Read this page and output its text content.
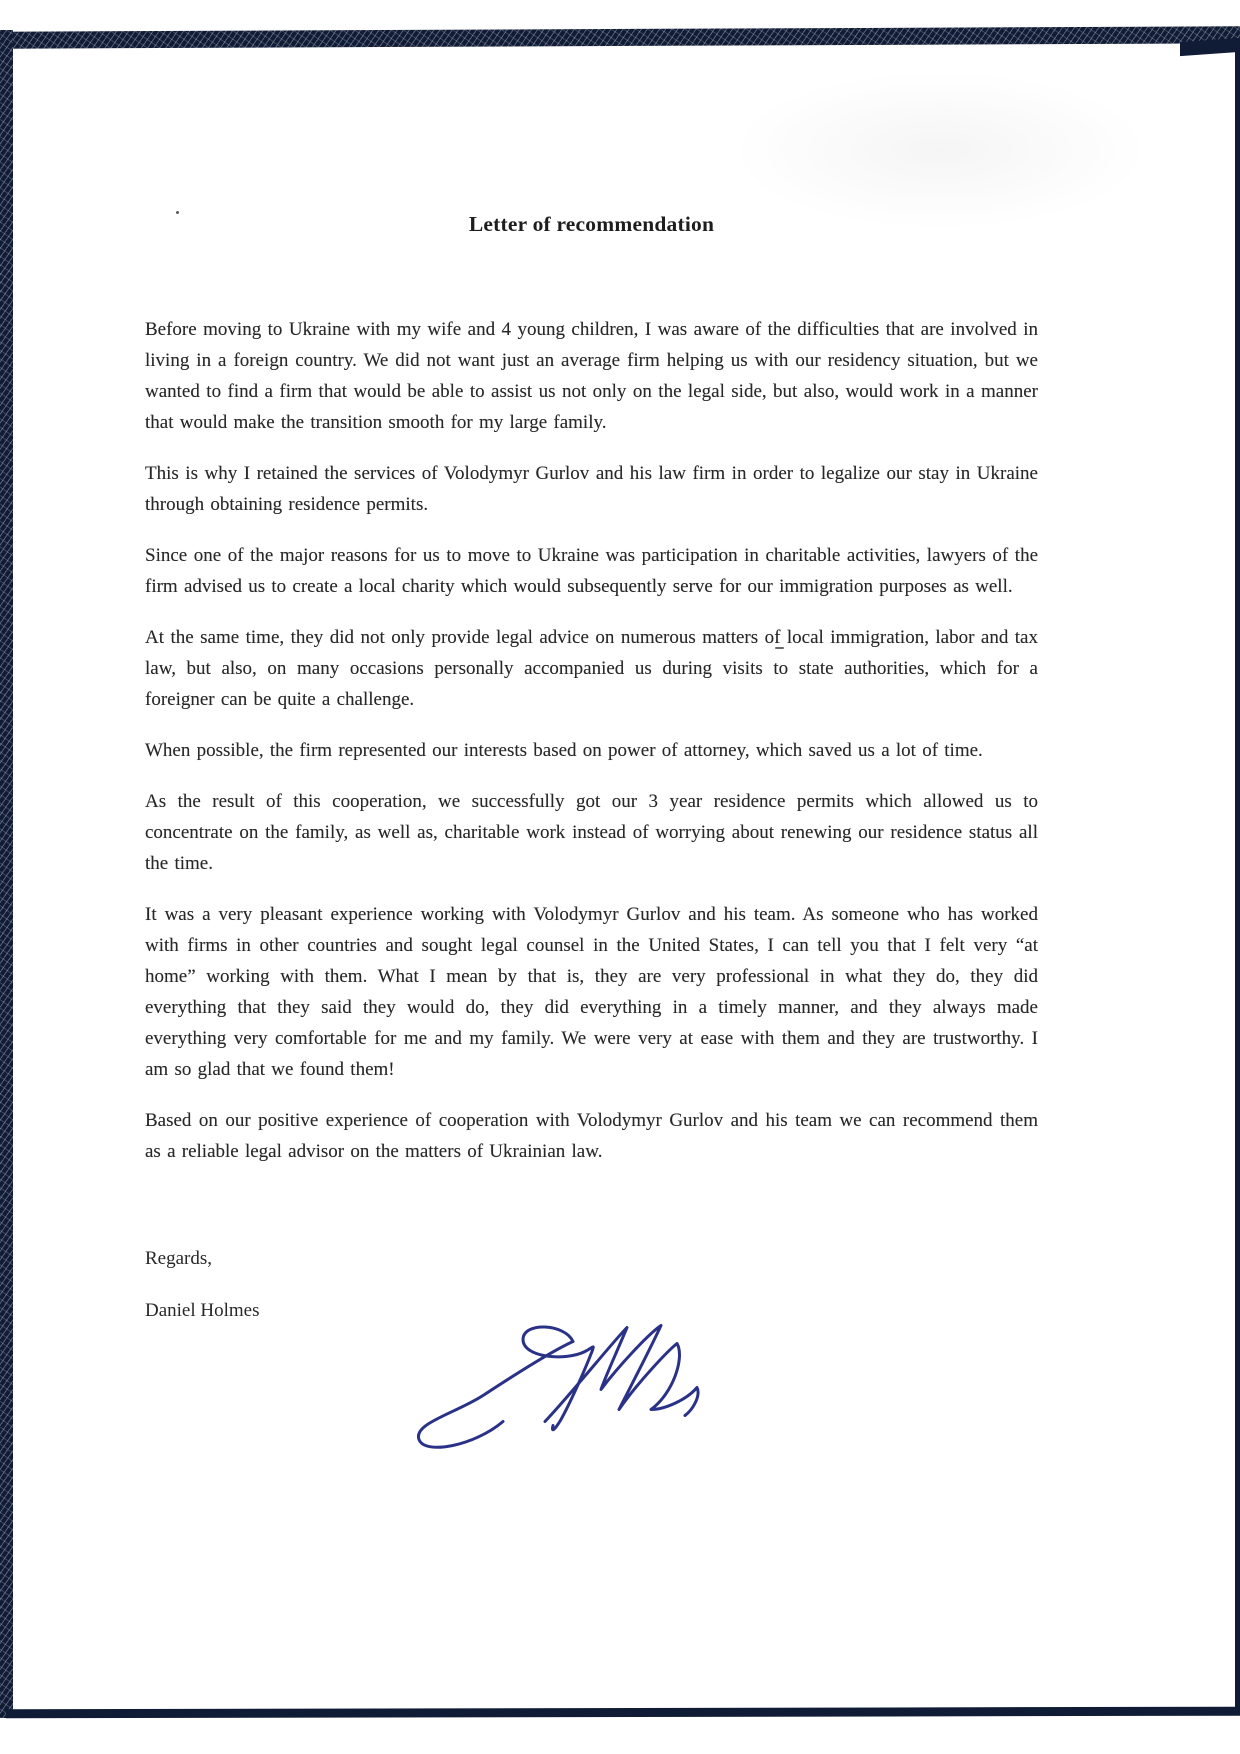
Letter of recommendation

Before moving to Ukraine with my wife and 4 young children, I was aware of the difficulties that are involved in living in a foreign country. We did not want just an average firm helping us with our residency situation, but we wanted to find a firm that would be able to assist us not only on the legal side, but also, would work in a manner that would make the transition smooth for my large family.

This is why I retained the services of Volodymyr Gurlov and his law firm in order to legalize our stay in Ukraine through obtaining residence permits.

Since one of the major reasons for us to move to Ukraine was participation in charitable activities, lawyers of the firm advised us to create a local charity which would subsequently serve for our immigration purposes as well.

At the same time, they did not only provide legal advice on numerous matters of local immigration, labor and tax law, but also, on many occasions personally accompanied us during visits to state authorities, which for a foreigner can be quite a challenge.

When possible, the firm represented our interests based on power of attorney, which saved us a lot of time.

As the result of this cooperation, we successfully got our 3 year residence permits which allowed us to concentrate on the family, as well as, charitable work instead of worrying about renewing our residence status all the time.

It was a very pleasant experience working with Volodymyr Gurlov and his team. As someone who has worked with firms in other countries and sought legal counsel in the United States, I can tell you that I felt very “at home” working with them. What I mean by that is, they are very professional in what they do, they did everything that they said they would do, they did everything in a timely manner, and they always made everything very comfortable for me and my family. We were very at ease with them and they are trustworthy. I am so glad that we found them!

Based on our positive experience of cooperation with Volodymyr Gurlov and his team we can recommend them as a reliable legal advisor on the matters of Ukrainian law.

Regards,

Daniel Holmes
